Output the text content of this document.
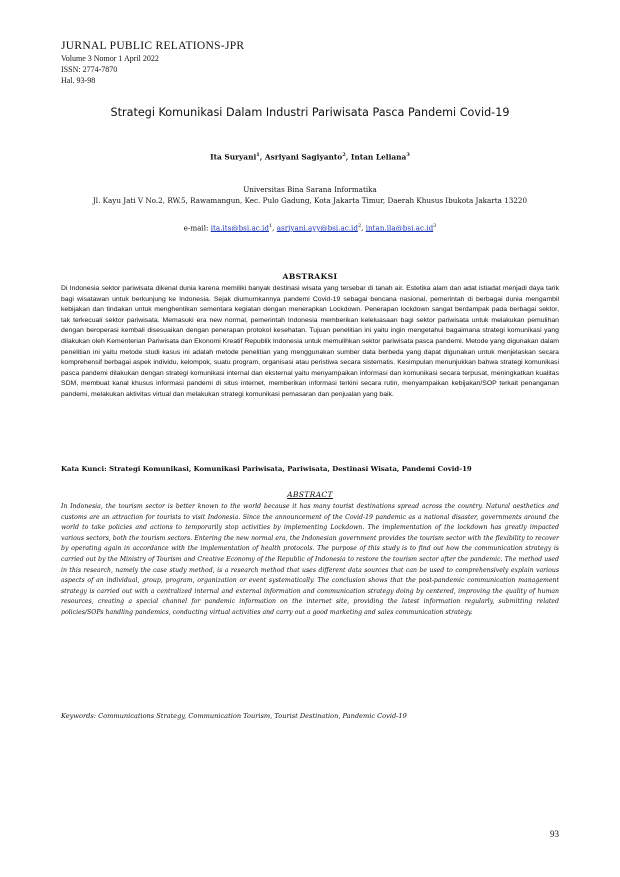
JURNAL PUBLIC RELATIONS-JPR
Volume 3 Nomor 1 April 2022
ISSN: 2774-7870
Hal. 93-98
Strategi Komunikasi Dalam Industri Pariwisata Pasca Pandemi Covid-19
Ita Suryani$^1$, Asriyani Sagiyanto$^2$, Intan Leliana$^3$
Universitas Bina Sarana Informatika
Jl. Kayu Jati V No.2, RW.5, Rawamangun, Kec. Pulo Gadung, Kota Jakarta Timur, Daerah Khusus Ibukota Jakarta 13220
e-mail: $ita.its@bsi.ac.id^1$, $asriyani.ayy@bsi.ac.id^2$, $intan.ila@bsi.ac.id^3$
ABSTRAKSI
Di Indonesia sektor pariwisata dikenal dunia karena memiliki banyak destinasi wisata yang tersebar di tanah air. Estetika alam dan adat istiadat menjadi daya tarik bagi wisatawan untuk berkunjung ke Indonesia. Sejak diumumkannya pandemi Covid-19 sebagai bencana nasional, pemerintah di berbagai dunia mengambil kebijakan dan tindakan untuk menghentikan sementara kegiatan dengan menerapkan Lockdown. Penerapan lockdown sangat berdampak pada berbagai sektor, tak terkecuali sektor pariwisata. Memasuki era new normal, pemerintah Indonesia memberikan keleluasaan bagi sektor pariwisata untuk melakukan pemulihan dengan beroperasi kembali disesuaikan dengan penerapan protokol kesehatan. Tujuan penelitian ini yaitu ingin mengetahui bagaimana strategi komunikasi yang dilakukan oleh Kementerian Pariwisata dan Ekonomi Kreatif Republik Indonesia untuk memulihkan sektor pariwisata pasca pandemi. Metode yang digunakan dalam penelitian ini yaitu metode studi kasus ini adalah metode penelitian yang menggunakan sumber data berbeda yang dapat digunakan untuk menjelaskan secara komprehensif berbagai aspek individu, kelompok, suatu program, organisasi atau peristiwa secara sistematis. Kesimpulan menunjukkan bahwa strategi komunikasi pasca pandemi dilakukan dengan strategi komunikasi internal dan eksternal yaitu menyampaikan informasi dan komunikasi secara terpusat, meningkatkan kualitas SDM, membuat kanal khusus informasi pandemi di situs internet, memberikan informasi terkini secara rutin, menyampaikan kebijakan/SOP terkait penanganan pandemi, melakukan aktivitas virtual dan melakukan strategi komunikasi pemasaran dan penjualan yang baik.
Kata Kunci: Strategi Komunikasi, Komunikasi Pariwisata, Pariwisata, Destinasi Wisata, Pandemi Covid-19
ABSTRACT
In Indonesia, the tourism sector is better known to the world because it has many tourist destinations spread across the country. Natural aesthetics and customs are an attraction for tourists to visit Indonesia. Since the announcement of the Covid-19 pandemic as a national disaster, governments around the world to take policies and actions to temporarily stop activities by implementing Lockdown. The implementation of the lockdown has greatly impacted various sectors, both the tourism sectors. Entering the new normal era, the Indonesian government provides the tourism sector with the flexibility to recover by operating again in accordance with the implementation of health protocols. The purpose of this study is to find out how the communication strategy is carried out by the Ministry of Tourism and Creative Economy of the Republic of Indonesia to restore the tourism sector after the pandemic. The method used in this research, namely the case study method, is a research method that uses different data sources that can be used to comprehensively explain various aspects of an individual, group, program, organization or event systematically. The conclusion shows that the post-pandemic communication management strategy is carried out with a centralized internal and external information and communication strategy doing by centered, improving the quality of human resources, creating a special channel for pandemic information on the internet site, providing the latest information regularly, submitting related policies/SOPs handling pandemics, conducting virtual activities and carry out a good marketing and sales communication strategy.
Keywords: Communications Strategy, Communication Tourism, Tourist Destination, Pandemic Covid-19
93
